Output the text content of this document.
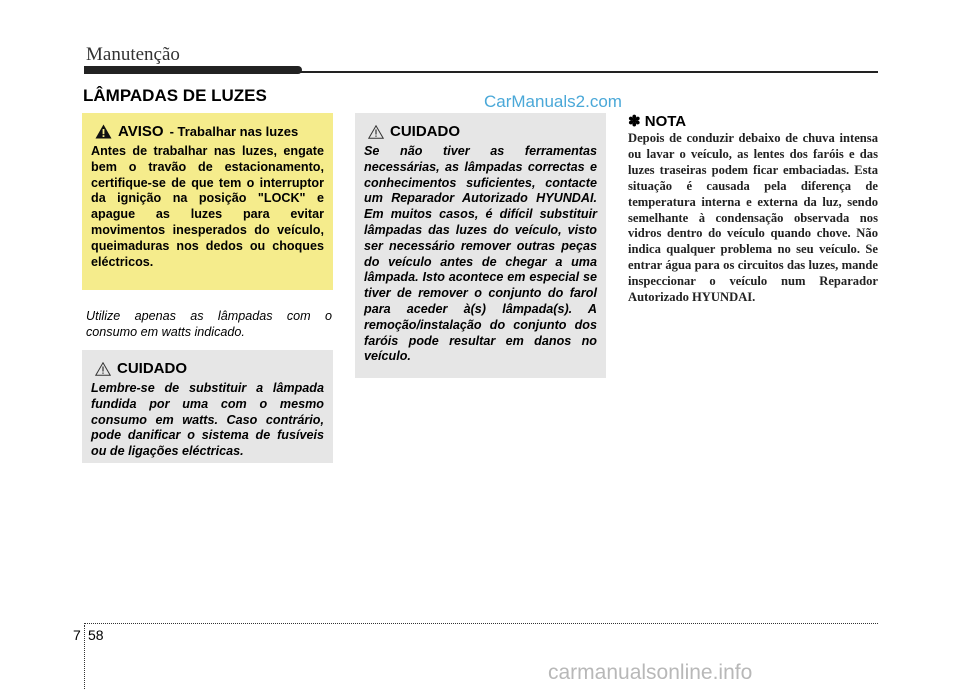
Manutenção
LÂMPADAS DE LUZES	CarManuals2.com
AVISO - Trabalhar nas luzes
Antes de trabalhar nas luzes, engate bem o travão de estacionamento, certifique-se de que tem o interruptor da ignição na posição "LOCK" e apague as luzes para evitar movimentos inesperados do veículo, queimaduras nos dedos ou choques eléctricos.
Utilize apenas as lâmpadas com o consumo em watts indicado.
CUIDADO
Lembre-se de substituir a lâmpada fundida por uma com o mesmo consumo em watts. Caso contrário, pode danificar o sistema de fusíveis ou de ligações eléctricas.
CUIDADO
Se não tiver as ferramentas necessárias, as lâmpadas correctas e conhecimentos suficientes, contacte um Reparador Autorizado HYUNDAI. Em muitos casos, é difícil substituir lâmpadas das luzes do veículo, visto ser necessário remover outras peças do veículo antes de chegar a uma lâmpada. Isto acontece em especial se tiver de remover o conjunto do farol para aceder à(s) lâmpada(s). A remoção/instalação do conjunto dos faróis pode resultar em danos no veículo.
✽ NOTA
Depois de conduzir debaixo de chuva intensa ou lavar o veículo, as lentes dos faróis e das luzes traseiras podem ficar embaciadas. Esta situação é causada pela diferença de temperatura interna e externa da luz, sendo semelhante à condensação observada nos vidros dentro do veículo quando chove. Não indica qualquer problema no seu veículo. Se entrar água para os circuitos das luzes, mande inspeccionar o veículo num Reparador Autorizado HYUNDAI.
7 58
carmanualsonline.info
